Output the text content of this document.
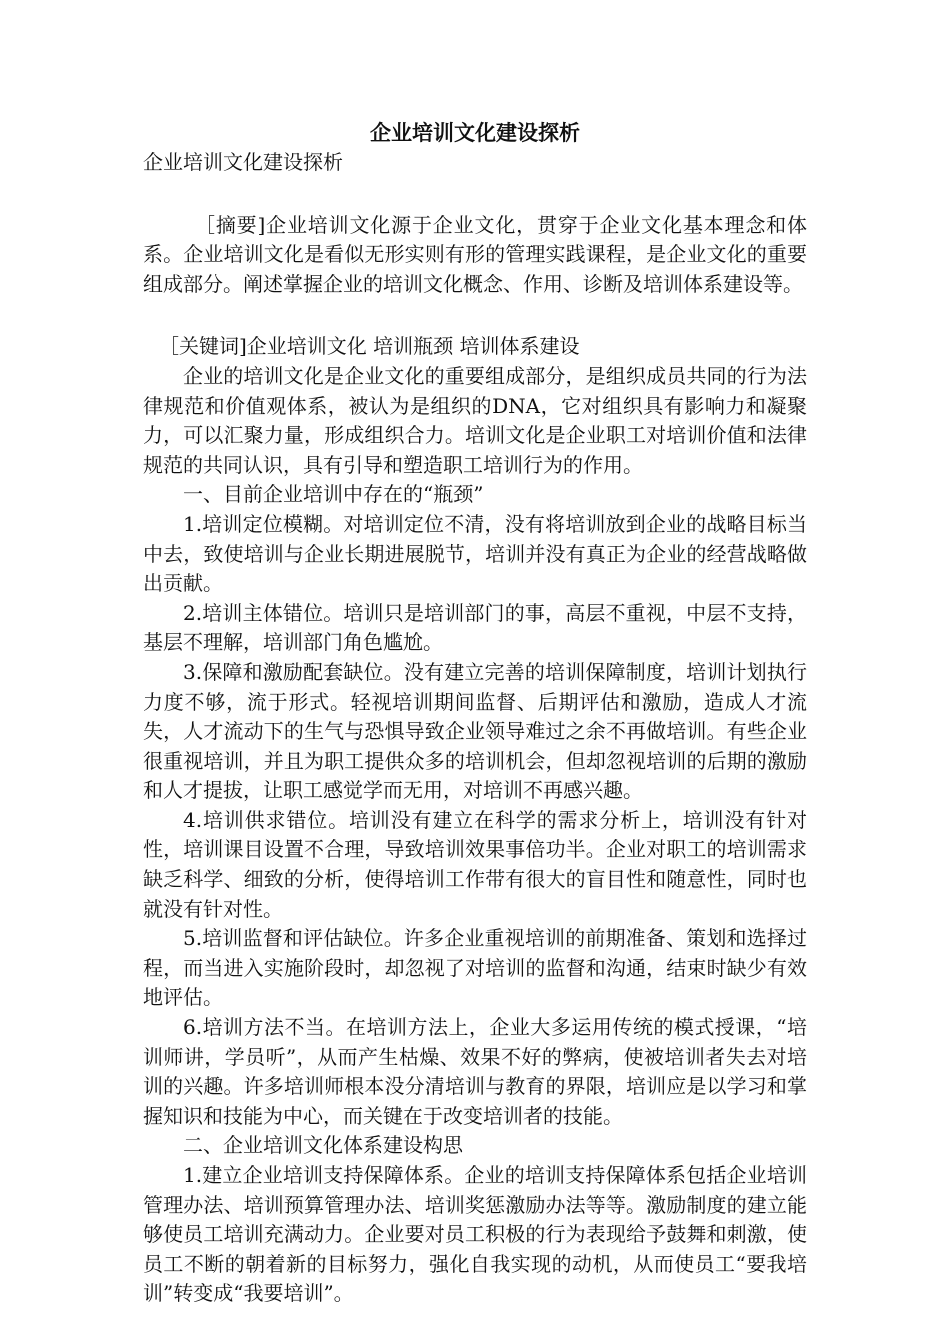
企业培训文化建设探析

企业培训文化建设探析

［摘要]企业培训文化源于企业文化，贯穿于企业文化基本理念和体系。企业培训文化是看似无形实则有形的管理实践课程，是企业文化的重要组成部分。阐述掌握企业的培训文化概念、作用、诊断及培训体系建设等。

［关键词]企业培训文化 培训瓶颈 培训体系建设

企业的培训文化是企业文化的重要组成部分，是组织成员共同的行为法律规范和价值观体系，被认为是组织的DNA，它对组织具有影响力和凝聚力，可以汇聚力量，形成组织合力。培训文化是企业职工对培训价值和法律规范的共同认识，具有引导和塑造职工培训行为的作用。

一、目前企业培训中存在的“瓶颈”

1.培训定位模糊。对培训定位不清，没有将培训放到企业的战略目标当中去，致使培训与企业长期进展脱节，培训并没有真正为企业的经营战略做出贡献。

2.培训主体错位。培训只是培训部门的事，高层不重视，中层不支持，基层不理解，培训部门角色尴尬。

3.保障和激励配套缺位。没有建立完善的培训保障制度，培训计划执行力度不够，流于形式。轻视培训期间监督、后期评估和激励，造成人才流失，人才流动下的生气与恐惧导致企业领导难过之余不再做培训。有些企业很重视培训，并且为职工提供众多的培训机会，但却忽视培训的后期的激励和人才提拔，让职工感觉学而无用，对培训不再感兴趣。

4.培训供求错位。培训没有建立在科学的需求分析上，培训没有针对性，培训课目设置不合理，导致培训效果事倍功半。企业对职工的培训需求缺乏科学、细致的分析，使得培训工作带有很大的盲目性和随意性，同时也就没有针对性。

5.培训监督和评估缺位。许多企业重视培训的前期准备、策划和选择过程，而当进入实施阶段时，却忽视了对培训的监督和沟通，结束时缺少有效地评估。

6.培训方法不当。在培训方法上，企业大多运用传统的模式授课，“培训师讲，学员听”，从而产生枯燥、效果不好的弊病，使被培训者失去对培训的兴趣。许多培训师根本没分清培训与教育的界限，培训应是以学习和掌握知识和技能为中心，而关键在于改变培训者的技能。

二、企业培训文化体系建设构思

1.建立企业培训支持保障体系。企业的培训支持保障体系包括企业培训管理办法、培训预算管理办法、培训奖惩激励办法等等。激励制度的建立能够使员工培训充满动力。企业要对员工积极的行为表现给予鼓舞和刺激，使员工不断的朝着新的目标努力，强化自我实现的动机，从而使员工“要我培训”转变成“我要培训”。
